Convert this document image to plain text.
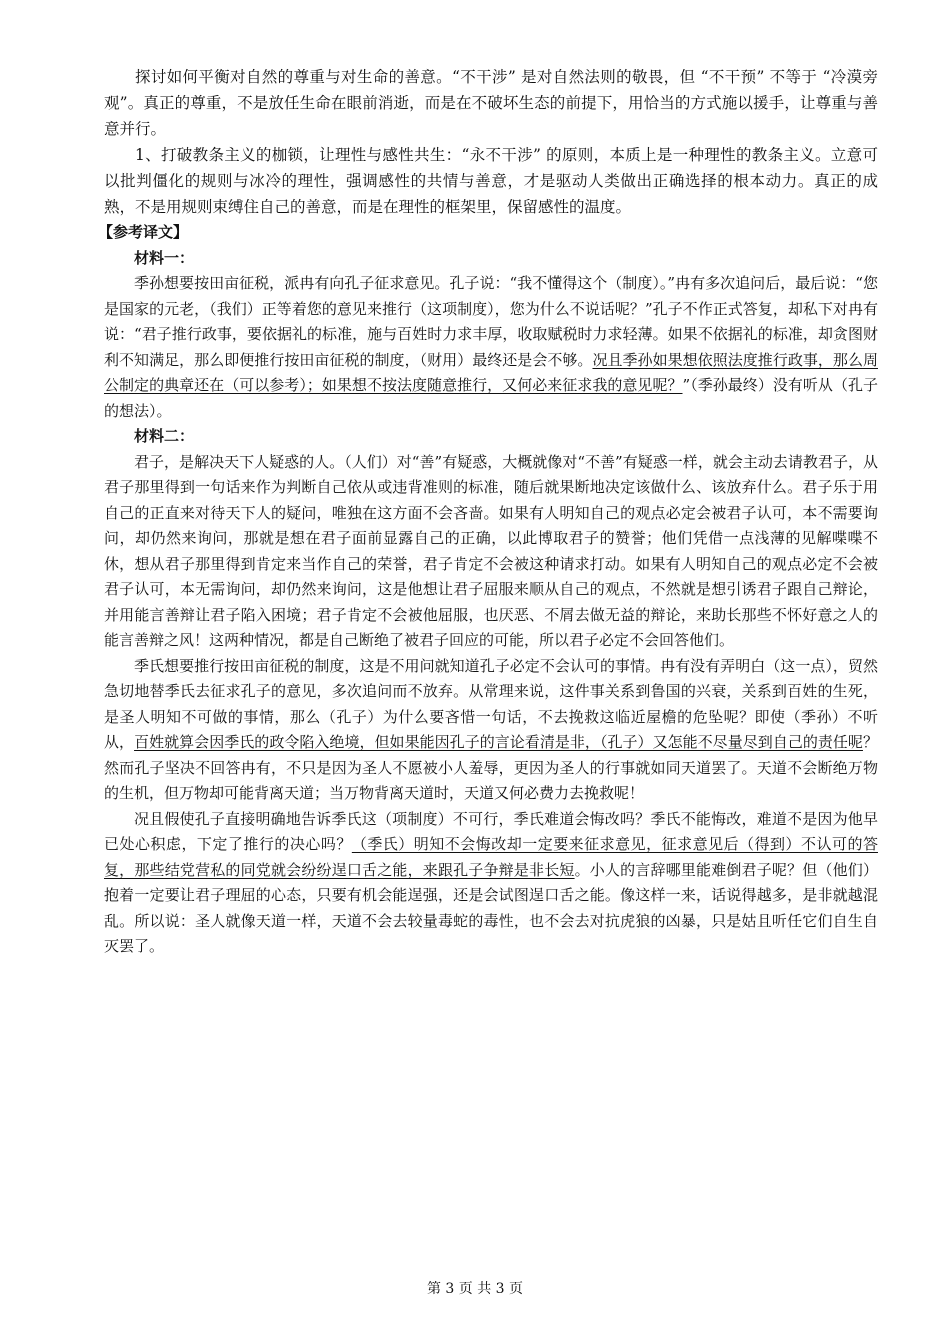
探讨如何平衡对自然的尊重与对生命的善意。“不干涉” 是对自然法则的敬畏，但 “不干预” 不等于 “冷漠旁观”。真正的尊重，不是放任生命在眼前消逝，而是在不破坏生态的前提下，用恰当的方式施以援手，让尊重与善意并行。

1、打破教条主义的枷锁，让理性与感性共生：“永不干涉” 的原则，本质上是一种理性的教条主义。立意可以批判僵化的规则与冰冷的理性，强调感性的共情与善意，才是驱动人类做出正确选择的根本动力。真正的成熟，不是用规则束缚住自己的善意，而是在理性的框架里，保留感性的温度。

【参考译文】

材料一：

季孙想要按田亩征税，派冉有向孔子征求意见。孔子说：“我不懂得这个（制度）。”冉有多次追问后，最后说：“您是国家的元老，（我们）正等着您的意见来推行（这项制度），您为什么不说话呢？”孔子不作正式答复，却私下对冉有说：“君子推行政事，要依据礼的标准，施与百姓时力求丰厚，收取赋税时力求轻薄。如果不依据礼的标准，却贪图财利不知满足，那么即便推行按田亩征税的制度，（财用）最终还是会不够。况且季孙如果想依照法度推行政事，那么周公制定的典章还在（可以参考）；如果想不按法度随意推行，又何必来征求我的意见呢？”（季孙最终）没有听从（孔子的想法）。

材料二：

君子，是解决天下人疑惑的人。（人们）对“善”有疑惑，大概就像对“不善”有疑惑一样，就会主动去请教君子，从君子那里得到一句话来作为判断自己依从或违背准则的标准，随后就果断地决定该做什么、该放弃什么。君子乐于用自己的正直来对待天下人的疑问，唯独在这方面不会吝啬。如果有人明知自己的观点必定会被君子认可，本不需要询问，却仍然来询问，那就是想在君子面前显露自己的正确，以此博取君子的赞誉；他们凭借一点浅薄的见解喋喋不休，想从君子那里得到肯定来当作自己的荣誉，君子肯定不会被这种请求打动。如果有人明知自己的观点必定不会被君子认可，本无需询问，却仍然来询问，这是他想让君子屈服来顺从自己的观点，不然就是想引诱君子跟自己辩论，并用能言善辩让君子陷入困境；君子肯定不会被他屈服，也厌恶、不屑去做无益的辩论，来助长那些不怀好意之人的能言善辩之风！这两种情况，都是自己断绝了被君子回应的可能，所以君子必定不会回答他们。

季氏想要推行按田亩征税的制度，这是不用问就知道孔子必定不会认可的事情。冉有没有弄明白（这一点），贸然急切地替季氏去征求孔子的意见，多次追问而不放弃。从常理来说，这件事关系到鲁国的兴衰，关系到百姓的生死，是圣人明知不可做的事情，那么（孔子）为什么要吝惜一句话，不去挽救这临近屋檐的危坠呢？即使（季孙）不听从，百姓就算会因季氏的政令陷入绝境，但如果能因孔子的言论看清是非，（孔子）又怎能不尽量尽到自己的责任呢？然而孔子坚决不回答冉有，不只是因为圣人不愿被小人羞辱，更因为圣人的行事就如同天道罢了。天道不会断绝万物的生机，但万物却可能背离天道；当万物背离天道时，天道又何必费力去挽救呢！

况且假使孔子直接明确地告诉季氏这（项制度）不可行，季氏难道会悔改吗？季氏不能悔改，难道不是因为他早已处心积虑，下定了推行的决心吗？（季氏）明知不会悔改却一定要来征求意见，征求意见后（得到）不认可的答复，那些结党营私的同党就会纷纷逞口舌之能，来跟孔子争辩是非长短。小人的言辞哪里能难倒君子呢？但（他们）抱着一定要让君子理屈的心态，只要有机会能逞强，还是会试图逞口舌之能。像这样一来，话说得越多，是非就越混乱。所以说：圣人就像天道一样，天道不会去较量毒蛇的毒性，也不会去对抗虎狼的凶暴，只是姑且听任它们自生自灭罢了。

第 3 页 共 3 页
